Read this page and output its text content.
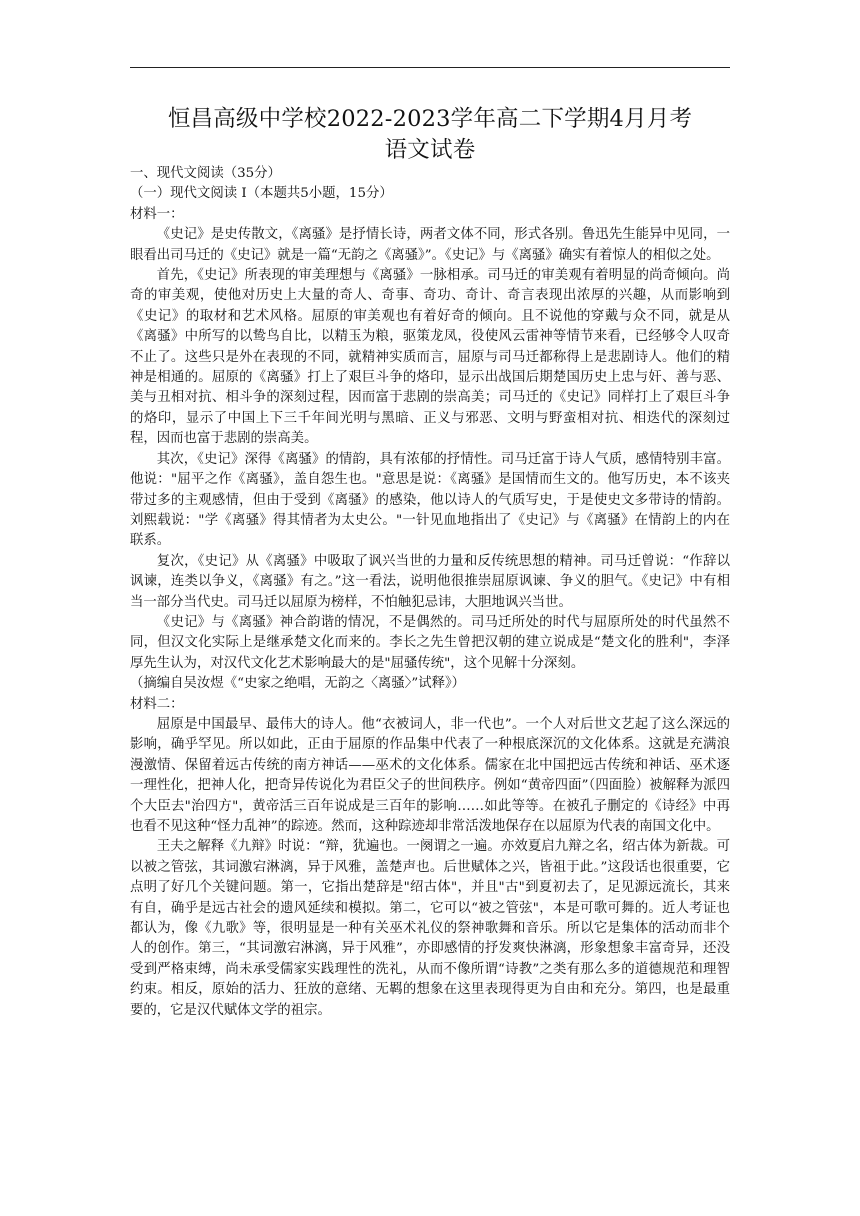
恒昌高级中学校2022-2023学年高二下学期4月月考
语文试卷

一、现代文阅读（35分）

（一）现代文阅读 I（本题共5小题，15分）

材料一：

《史记》是史传散文，《离骚》是抒情长诗，两者文体不同，形式各别。鲁迅先生能异中见同，一眼看出司马迁的《史记》就是一篇“无韵之《离骚》”。《史记》与《离骚》确实有着惊人的相似之处。

首先，《史记》所表现的审美理想与《离骚》一脉相承。司马迁的审美观有着明显的尚奇倾向。尚奇的审美观，使他对历史上大量的奇人、奇事、奇功、奇计、奇言表现出浓厚的兴趣，从而影响到《史记》的取材和艺术风格。屈原的审美观也有着好奇的倾向。且不说他的穿戴与众不同，就是从《离骚》中所写的以鸷鸟自比，以精玉为粮，驱策龙凤，役使风云雷神等情节来看，已经够令人叹奇不止了。这些只是外在表现的不同，就精神实质而言，屈原与司马迁都称得上是悲剧诗人。他们的精神是相通的。屈原的《离骚》打上了艰巨斗争的烙印，显示出战国后期楚国历史上忠与奸、善与恶、美与丑相对抗、相斗争的深刻过程，因而富于悲剧的崇高美；司马迁的《史记》同样打上了艰巨斗争的烙印，显示了中国上下三千年间光明与黑暗、正义与邪恶、文明与野蛮相对抗、相迭代的深刻过程，因而也富于悲剧的崇高美。

其次，《史记》深得《离骚》的情韵，具有浓郁的抒情性。司马迁富于诗人气质，感情特别丰富。他说："屈平之作《离骚》，盖自怨生也。"意思是说：《离骚》是国情而生文的。他写历史，本不该夹带过多的主观感情，但由于受到《离骚》的感染，他以诗人的气质写史，于是使史文多带诗的情韵。刘熙载说："学《离骚》得其情者为太史公。"一针见血地指出了《史记》与《离骚》在情韵上的内在联系。

复次，《史记》从《离骚》中吸取了讽兴当世的力量和反传统思想的精神。司马迁曾说：“作辞以讽谏，连类以争义，《离骚》有之。”这一看法，说明他很推崇屈原讽谏、争义的胆气。《史记》中有相当一部分当代史。司马迁以屈原为榜样，不怕触犯忌讳，大胆地讽兴当世。

《史记》与《离骚》神合韵谐的情况，不是偶然的。司马迁所处的时代与屈原所处的时代虽然不同，但汉文化实际上是继承楚文化而来的。李长之先生曾把汉朝的建立说成是“楚文化的胜利"，李泽厚先生认为，对汉代文化艺术影响最大的是"屈骚传统"，这个见解十分深刻。

（摘编自吴汝煜《“史家之绝唱，无韵之〈离骚〉”试释》）

材料二：

屈原是中国最早、最伟大的诗人。他“衣被词人，非一代也”。一个人对后世文艺起了这么深远的影响，确乎罕见。所以如此，正由于屈原的作品集中代表了一种根底深沉的文化体系。这就是充满浪漫激情、保留着远古传统的南方神话——巫术的文化体系。儒家在北中国把远古传统和神话、巫术逐一理性化，把神人化，把奇异传说化为君臣父子的世间秩序。例如“黄帝四面”（四面脸）被解释为派四个大臣去"治四方"，黄帝活三百年说成是三百年的影响……如此等等。在被孔子删定的《诗经》中再也看不见这种“怪力乱神”的踪迹。然而，这种踪迹却非常活泼地保存在以屈原为代表的南国文化中。

王夫之解释《九辩》时说：“辩，犹遍也。一阕谓之一遍。亦效夏启九辩之名，绍古体为新裁。可以被之管弦，其词激宕淋漓，异于风雅，盖楚声也。后世赋体之兴，皆祖于此。”这段话也很重要，它点明了好几个关键问题。第一，它指出楚辞是"绍古体"，并且"古"到夏初去了，足见源远流长，其来有自，确乎是远古社会的遗风延续和模拟。第二，它可以“被之管弦"，本是可歌可舞的。近人考证也都认为，像《九歌》等，很明显是一种有关巫术礼仪的祭神歌舞和音乐。所以它是集体的活动而非个人的创作。第三，“其词激宕淋漓，异于风雅”，亦即感情的抒发爽快淋漓，形象想象丰富奇异，还没受到严格束缚，尚未承受儒家实践理性的洗礼，从而不像所谓“诗教”之类有那么多的道德规范和理智约束。相反，原始的活力、狂放的意绪、无羁的想象在这里表现得更为自由和充分。第四，也是最重要的，它是汉代赋体文学的祖宗。
